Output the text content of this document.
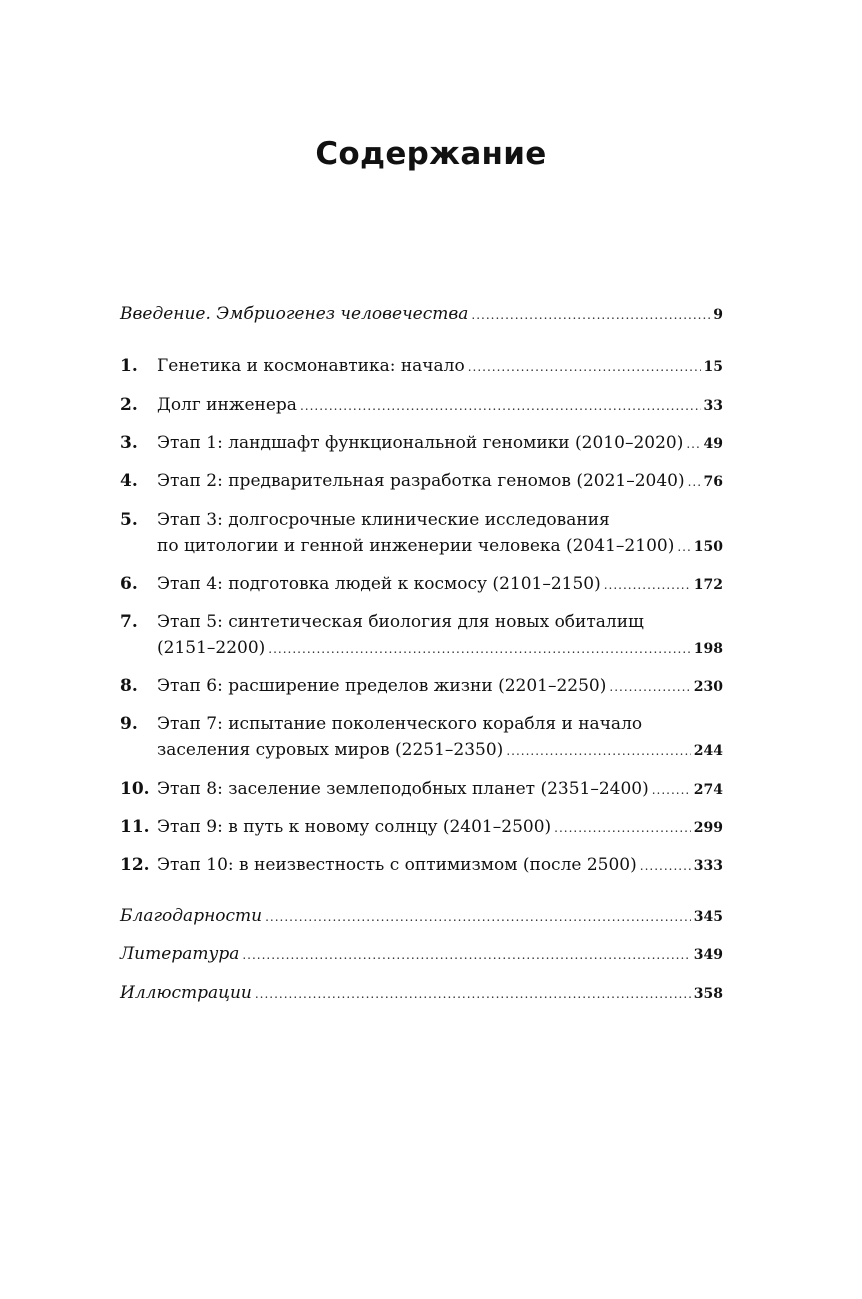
Содержание
Введение. Эмбриогенез человечества .....	9
1.	Генетика и космонавтика: начало .....	15
2.	Долг инженера .....	33
3.	Этап 1: ландшафт функциональной геномики (2010–2020) ..... 49
4.	Этап 2: предварительная разработка геномов (2021–2040) ..... 76
5.	Этап 3: долгосрочные клинические исследования
по цитологии и генной инженерии человека (2041–2100) ..... 150
6.	Этап 4: подготовка людей к космосу (2101–2150) .....	172
7.	Этап 5: синтетическая биология для новых обиталищ
(2151–2200) .....	198
8.	Этап 6: расширение пределов жизни (2201–2250) .....	230
9.	Этап 7: испытание поколенческого корабля и начало
заселения суровых миров (2251–2350) .....	244
10. Этап 8: заселение землеподобных планет (2351–2400) .....	274
11. Этап 9: в путь к новому солнцу (2401–2500) .....	299
12. Этап 10: в неизвестность с оптимизмом (после 2500) .....	333
Благодарности .....	345
Литература .....	349
Иллюстрации .....	358
